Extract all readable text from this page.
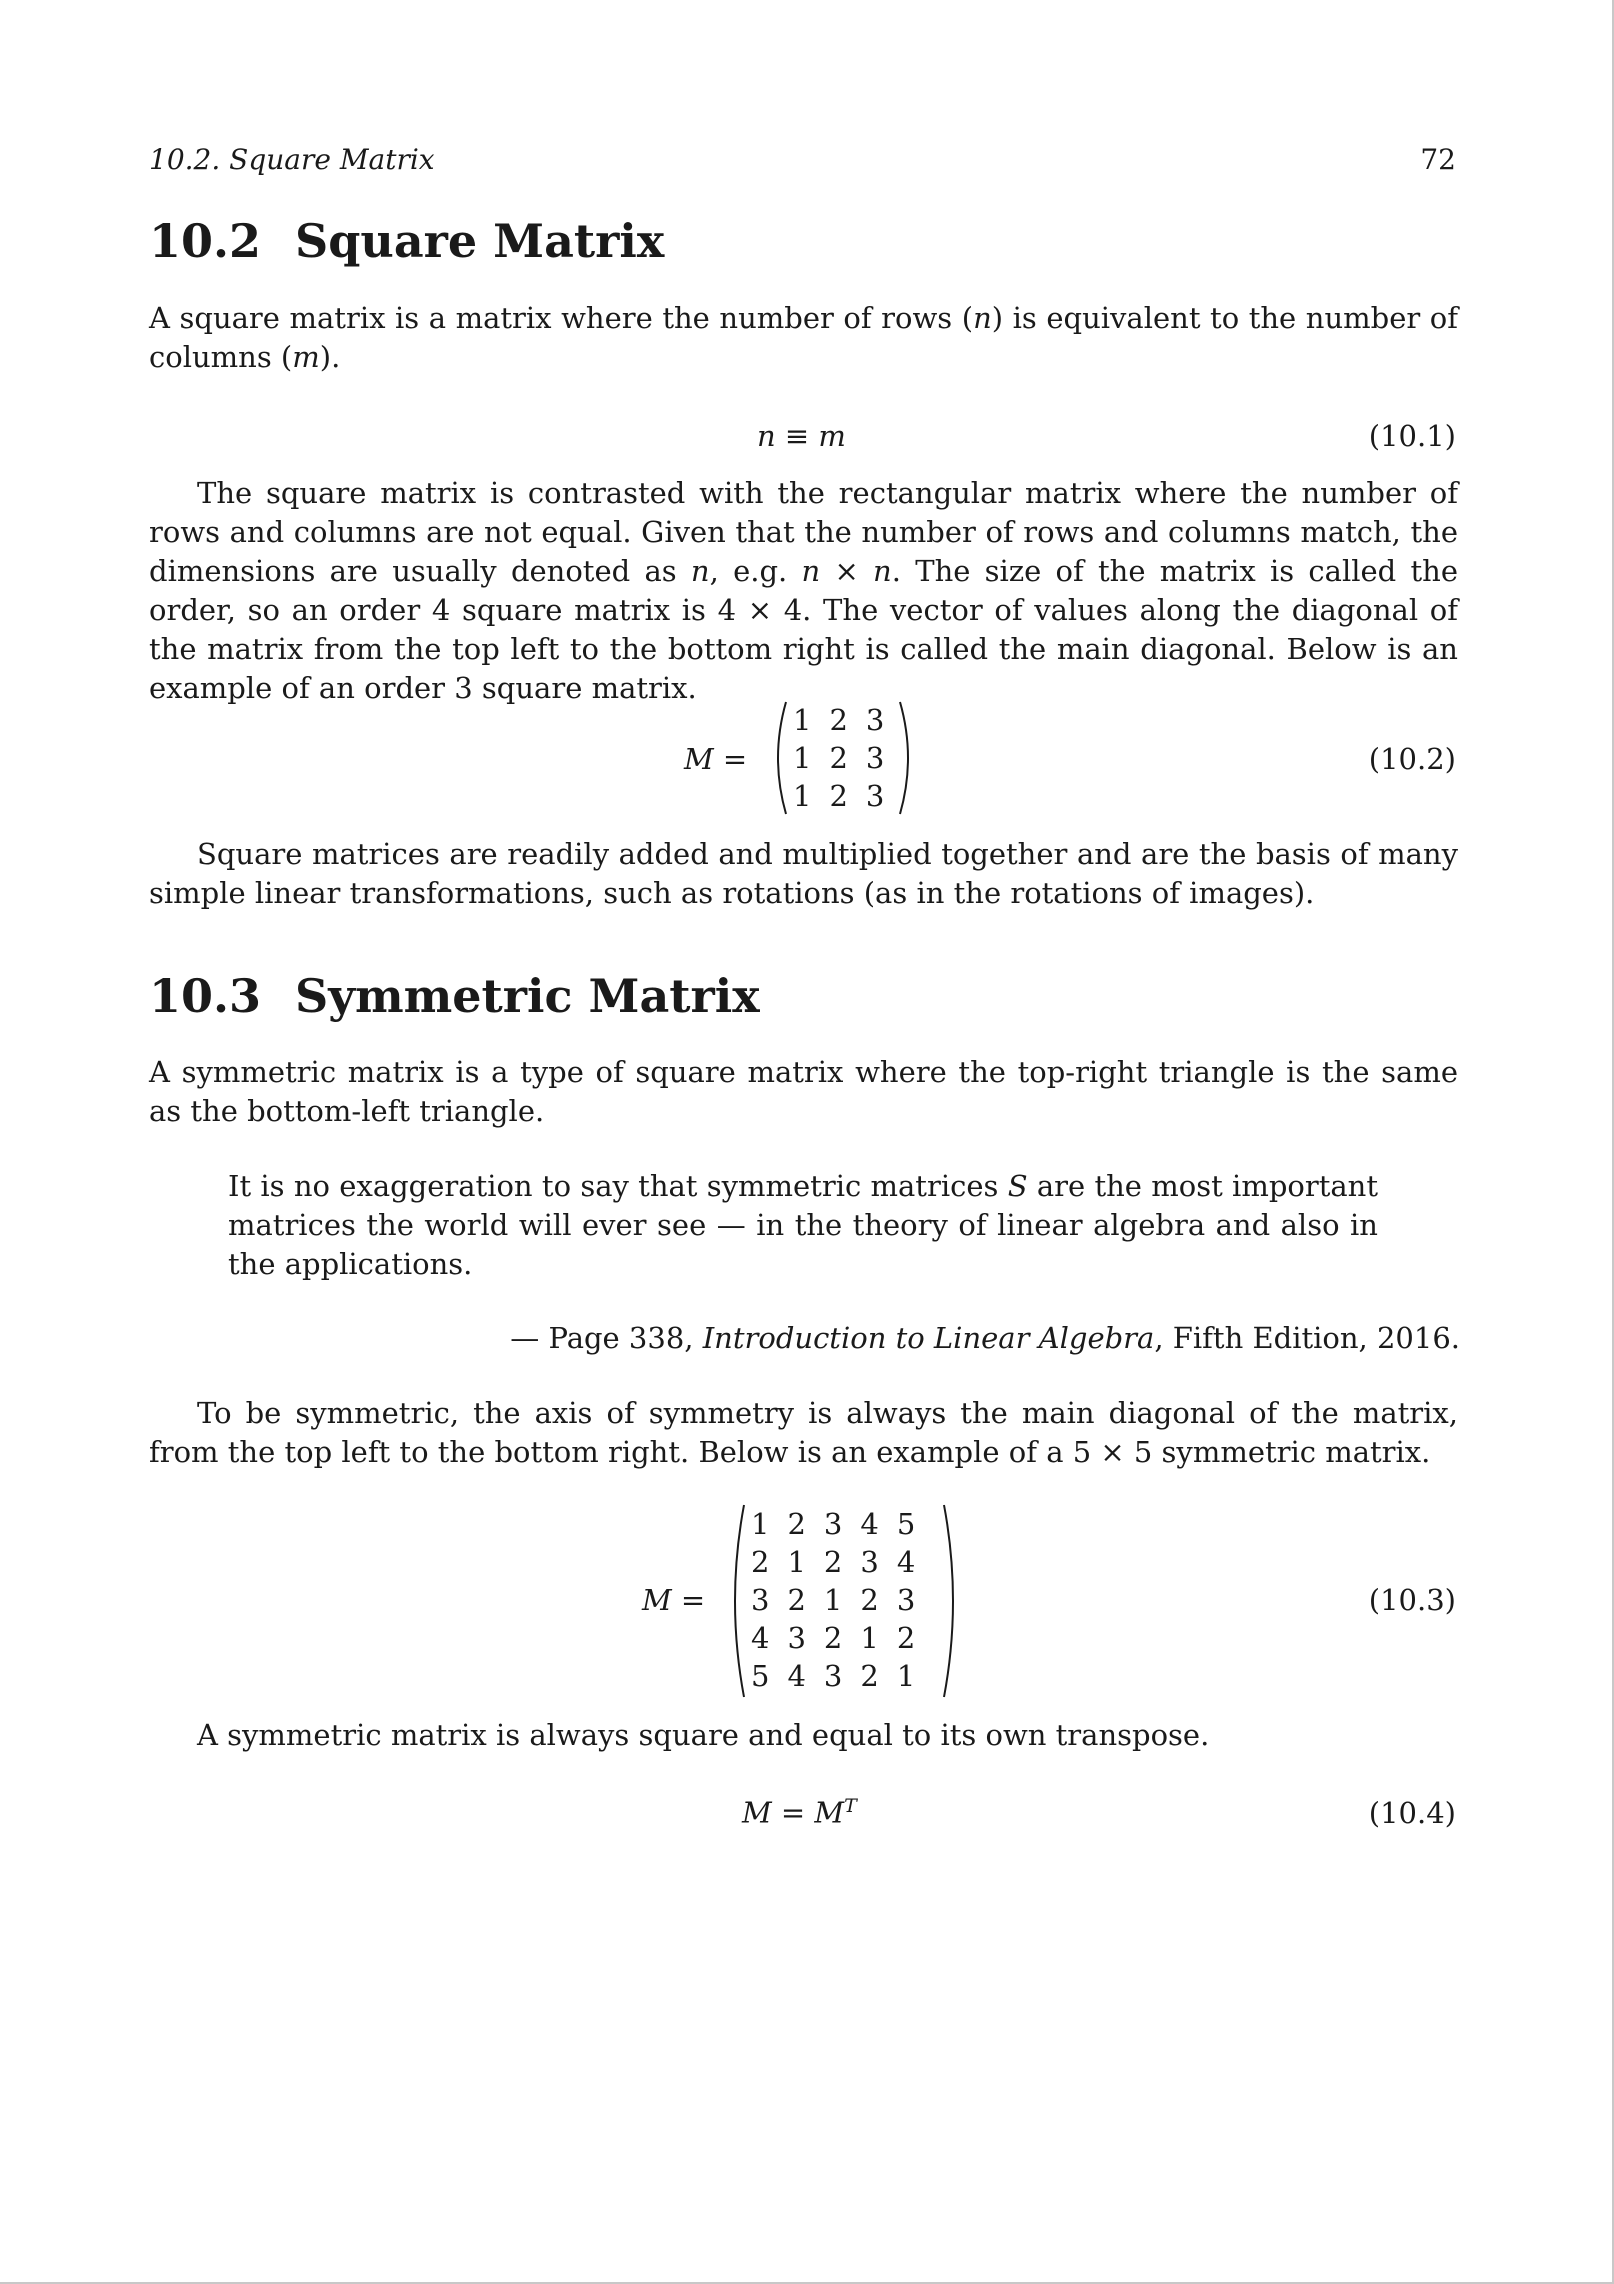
10.2. Square Matrix	72
10.2 Square Matrix
A square matrix is a matrix where the number of rows (n) is equivalent to the number of columns (m).
n ≡ m	(10.1)
The square matrix is contrasted with the rectangular matrix where the number of rows and columns are not equal. Given that the number of rows and columns match, the dimensions are usually denoted as n, e.g. n × n. The size of the matrix is called the order, so an order 4 square matrix is 4 × 4. The vector of values along the diagonal of the matrix from the top left to the bottom right is called the main diagonal. Below is an example of an order 3 square matrix.
M =
1	2	3
1	2	3
1	2	3
(10.2)
Square matrices are readily added and multiplied together and are the basis of many simple linear transformations, such as rotations (as in the rotations of images).
10.3 Symmetric Matrix
A symmetric matrix is a type of square matrix where the top-right triangle is the same as the bottom-left triangle.
It is no exaggeration to say that symmetric matrices S are the most important matrices the world will ever see — in the theory of linear algebra and also in the applications.
— Page 338, Introduction to Linear Algebra, Fifth Edition, 2016.
To be symmetric, the axis of symmetry is always the main diagonal of the matrix, from the top left to the bottom right. Below is an example of a 5 × 5 symmetric matrix.
M =
1	2	3	4	5
2	1	2	3	4
3	2	1	2	3
4	3	2	1	2
5	4	3	2	1
(10.3)
A symmetric matrix is always square and equal to its own transpose.
$M = M^T$	(10.4)
